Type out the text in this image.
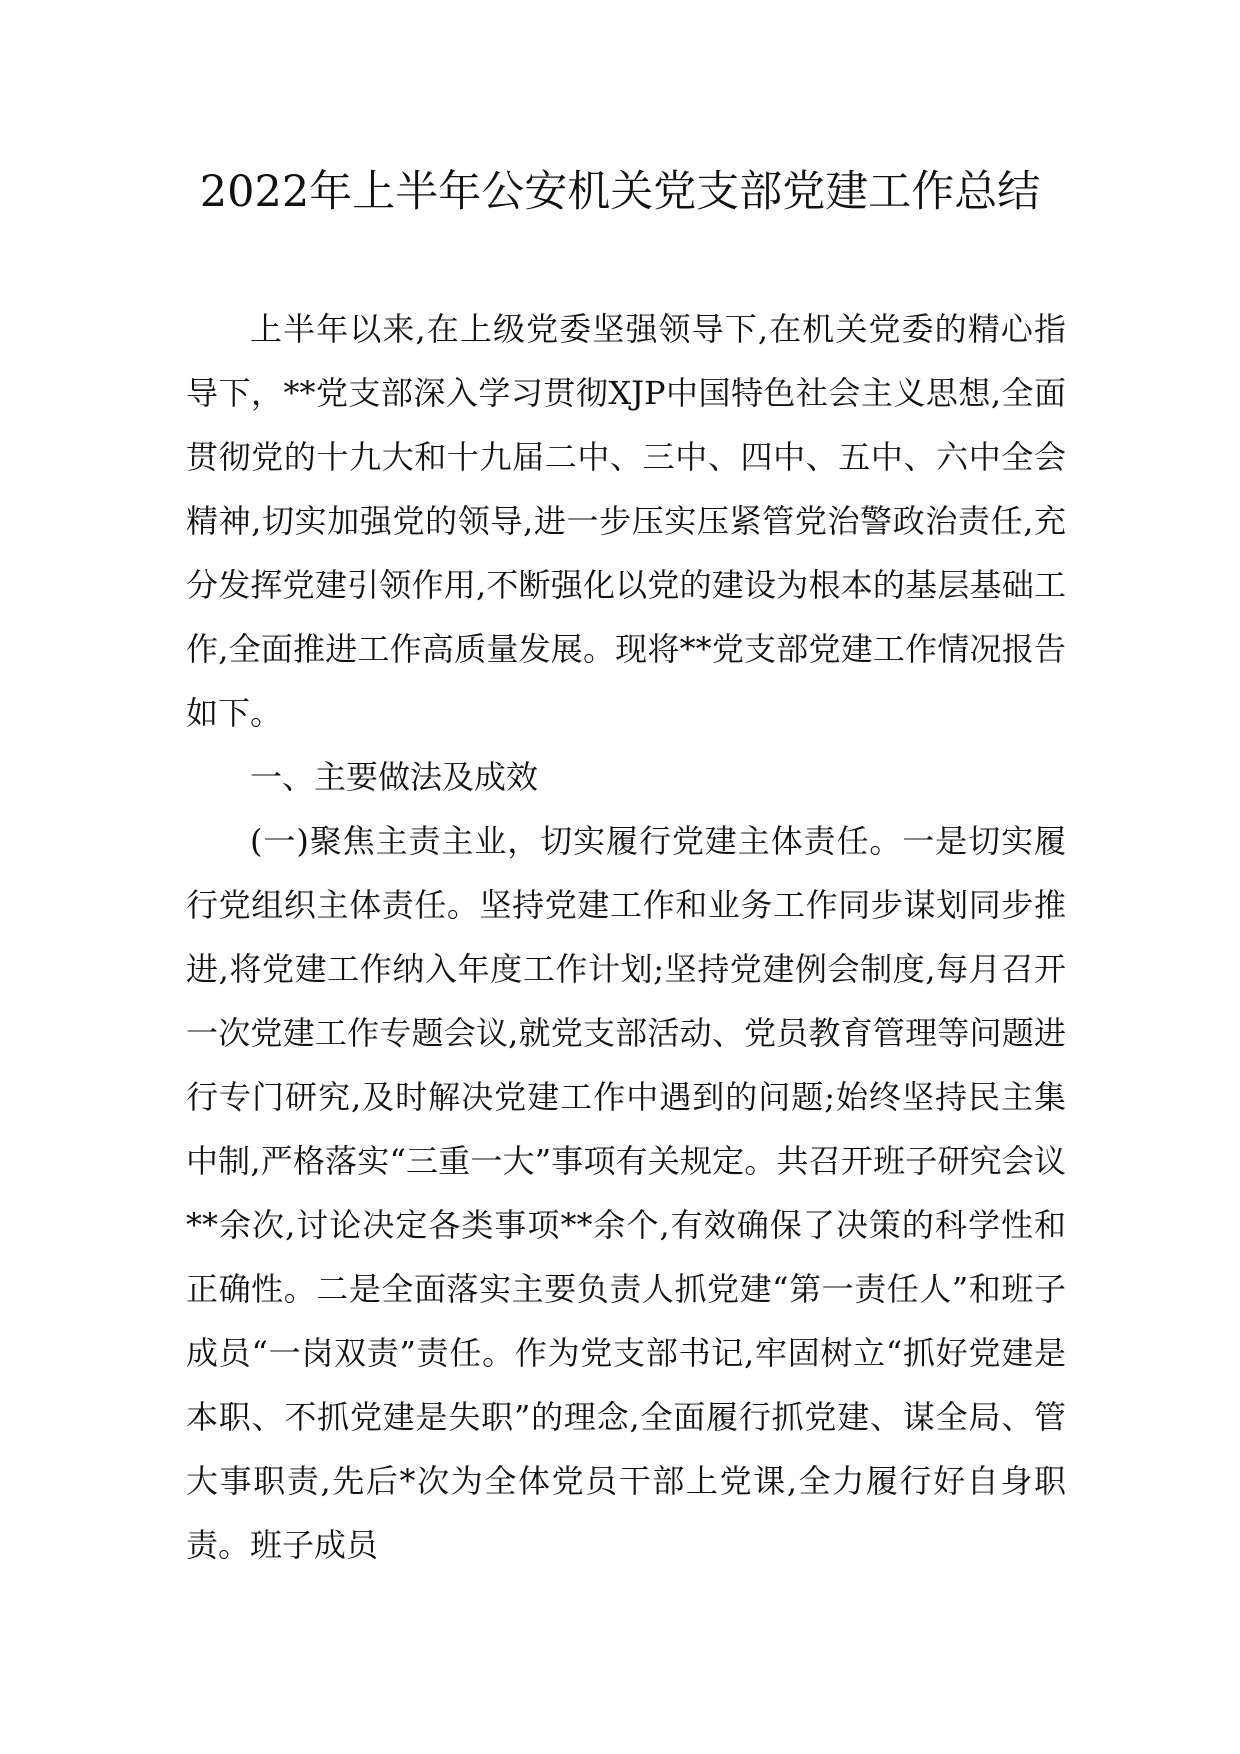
2022年上半年公安机关党支部党建工作总结

上半年以来,在上级党委坚强领导下,在机关党委的精心指导下，**党支部深入学习贯彻XJP中国特色社会主义思想,全面贯彻党的十九大和十九届二中、三中、四中、五中、六中全会精神,切实加强党的领导,进一步压实压紧管党治警政治责任,充分发挥党建引领作用,不断强化以党的建设为根本的基层基础工作,全面推进工作高质量发展。现将**党支部党建工作情况报告如下。

一、主要做法及成效

(一)聚焦主责主业，切实履行党建主体责任。一是切实履行党组织主体责任。坚持党建工作和业务工作同步谋划同步推进,将党建工作纳入年度工作计划;坚持党建例会制度,每月召开一次党建工作专题会议,就党支部活动、党员教育管理等问题进行专门研究,及时解决党建工作中遇到的问题;始终坚持民主集中制,严格落实“三重一大”事项有关规定。共召开班子研究会议**余次,讨论决定各类事项**余个,有效确保了决策的科学性和正确性。二是全面落实主要负责人抓党建“第一责任人”和班子成员“一岗双责”责任。作为党支部书记,牢固树立“抓好党建是本职、不抓党建是失职”的理念,全面履行抓党建、谋全局、管大事职责,先后*次为全体党员干部上党课,全力履行好自身职责。班子成员
